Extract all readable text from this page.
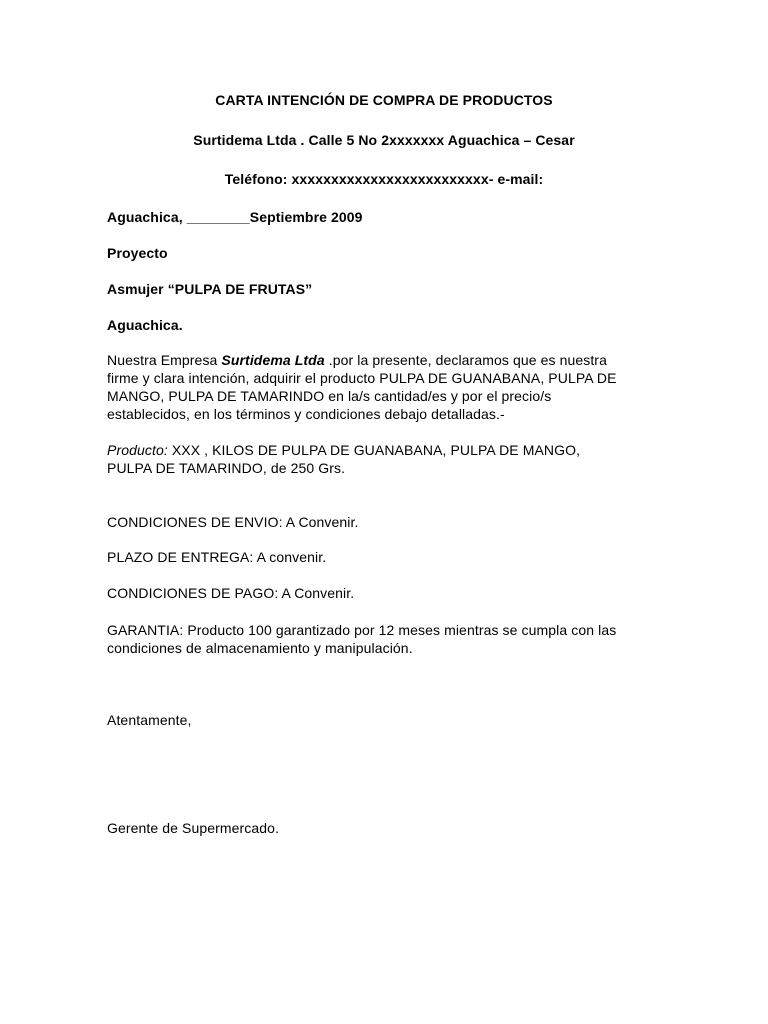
CARTA INTENCIÓN DE COMPRA DE PRODUCTOS

Surtidema Ltda . Calle 5 No 2xxxxxxx Aguachica – Cesar

Teléfono: xxxxxxxxxxxxxxxxxxxxxxxxx- e-mail:

Aguachica, ________Septiembre 2009

Proyecto

Asmujer “PULPA DE FRUTAS”

Aguachica.

Nuestra Empresa Surtidema Ltda .por la presente, declaramos que es nuestra

firme y clara intención, adquirir el producto PULPA DE GUANABANA, PULPA DE

MANGO, PULPA DE TAMARINDO en la/s cantidad/es y por el precio/s

establecidos, en los términos y condiciones debajo detalladas.-

Producto: XXX , KILOS DE PULPA DE GUANABANA, PULPA DE MANGO,

PULPA DE TAMARINDO, de 250 Grs.

CONDICIONES DE ENVIO: A Convenir.

PLAZO DE ENTREGA: A convenir.

CONDICIONES DE PAGO: A Convenir.

GARANTIA: Producto 100 garantizado por 12 meses mientras se cumpla con las

condiciones de almacenamiento y manipulación.

Atentamente,

Gerente de Supermercado.
